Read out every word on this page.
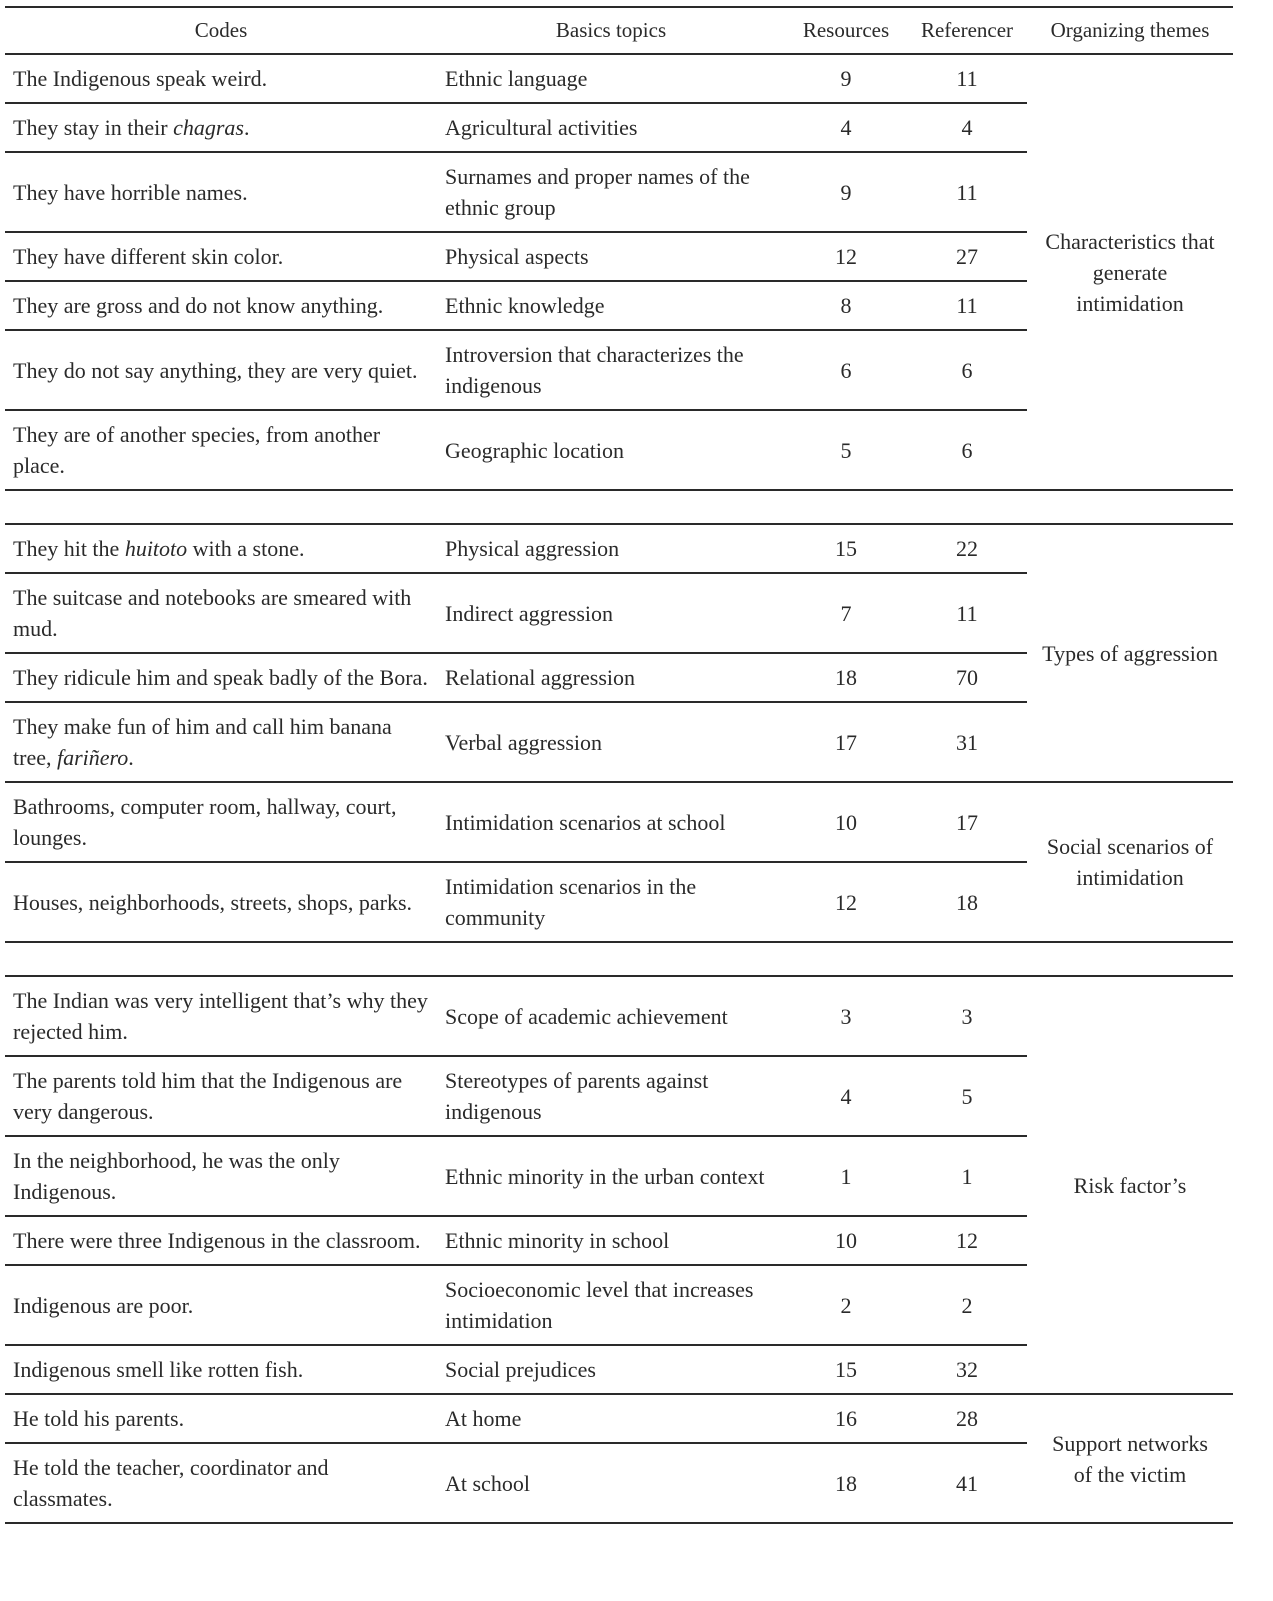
Codes	Basics topics	Resources	Referencer	Organizing themes
The Indigenous speak weird.	Ethnic language	9	11	Characteristics that generate intimidation
They stay in their chagras.	Agricultural activities	4	4	
They have horrible names.	Surnames and proper names of the ethnic group	9	11	
They have different skin color.	Physical aspects	12	27	
They are gross and do not know anything.	Ethnic knowledge	8	11	
They do not say anything, they are very quiet.	Introversion that characterizes the indigenous	6	6	
They are of another species, from another place.	Geographic location	5	6	

They hit the huitoto with a stone.	Physical aggression	15	22	Types of aggression
The suitcase and notebooks are smeared with mud.	Indirect aggression	7	11	
They ridicule him and speak badly of the Bora.	Relational aggression	18	70	
They make fun of him and call him banana tree, fariñero.	Verbal aggression	17	31	
Bathrooms, computer room, hallway, court, lounges.	Intimidation scenarios at school	10	17	Social scenarios of intimidation
Houses, neighborhoods, streets, shops, parks.	Intimidation scenarios in the community	12	18	

The Indian was very intelligent that’s why they rejected him.	Scope of academic achievement	3	3	Risk factor’s
The parents told him that the Indigenous are very dangerous.	Stereotypes of parents against indigenous	4	5	
In the neighborhood, he was the only Indigenous.	Ethnic minority in the urban context	1	1	
There were three Indigenous in the classroom.	Ethnic minority in school	10	12	
Indigenous are poor.	Socioeconomic level that increases intimidation	2	2	
Indigenous smell like rotten fish.	Social prejudices	15	32	
He told his parents.	At home	16	28	Support networks of the victim
He told the teacher, coordinator and classmates.	At school	18	41	
